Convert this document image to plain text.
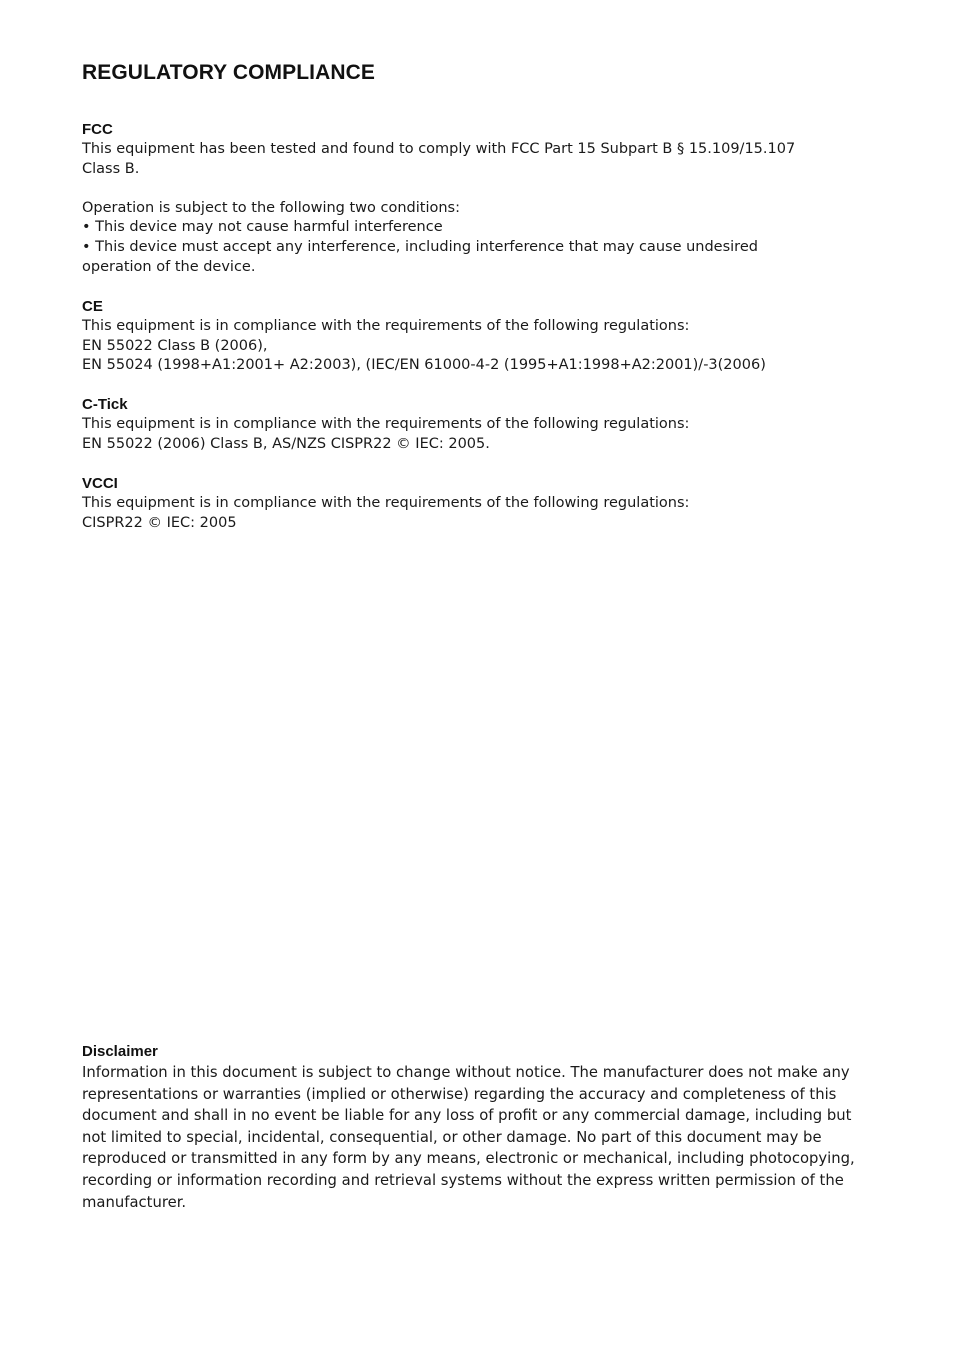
REGULATORY COMPLIANCE

FCC

This equipment has been tested and found to comply with FCC Part 15 Subpart B § 15.109/15.107

Class B.

Operation is subject to the following two conditions:

• This device may not cause harmful interference

• This device must accept any interference, including interference that may cause undesired

operation of the device.

CE

This equipment is in compliance with the requirements of the following regulations:

EN 55022 Class B (2006),

EN 55024 (1998+A1:2001+ A2:2003), (IEC/EN 61000-4-2 (1995+A1:1998+A2:2001)/-3(2006)

C-Tick

This equipment is in compliance with the requirements of the following regulations:

EN 55022 (2006) Class B, AS/NZS CISPR22 © IEC: 2005.

VCCI

This equipment is in compliance with the requirements of the following regulations:

CISPR22 © IEC: 2005

Disclaimer

Information in this document is subject to change without notice. The manufacturer does not make any representations or warranties (implied or otherwise) regarding the accuracy and completeness of this document and shall in no event be liable for any loss of profit or any commercial damage, including but not limited to special, incidental, consequential, or other damage. No part of this document may be reproduced or transmitted in any form by any means, electronic or mechanical, including photocopying, recording or information recording and retrieval systems without the express written permission of the manufacturer.
